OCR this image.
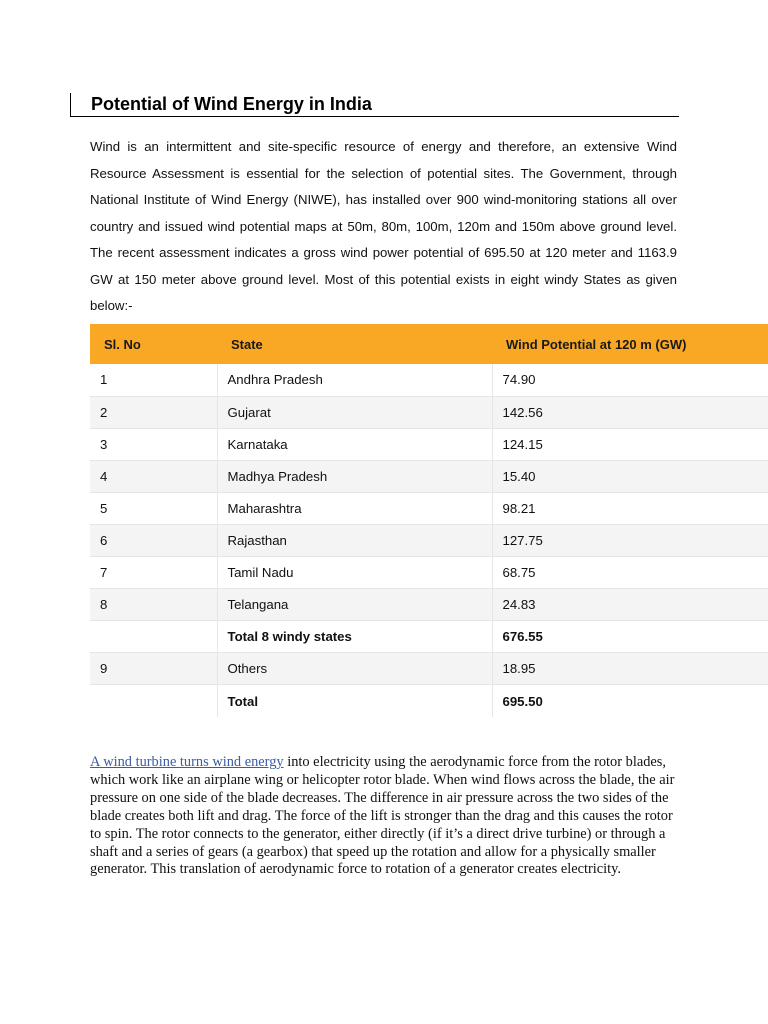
Potential of Wind Energy in India

Wind is an intermittent and site-specific resource of energy and therefore, an extensive Wind Resource Assessment is essential for the selection of potential sites. The Government, through National Institute of Wind Energy (NIWE), has installed over 900 wind-monitoring stations all over country and issued wind potential maps at 50m, 80m, 100m, 120m and 150m above ground level. The recent assessment indicates a gross wind power potential of 695.50 at 120 meter and 1163.9 GW at 150 meter above ground level. Most of this potential exists in eight windy States as given below:-

Sl. No	State	Wind Potential at 120 m (GW)
1	Andhra Pradesh	74.90
2	Gujarat	142.56
3	Karnataka	124.15
4	Madhya Pradesh	15.40
5	Maharashtra	98.21
6	Rajasthan	127.75
7	Tamil Nadu	68.75
8	Telangana	24.83
	Total 8 windy states	676.55
9	Others	18.95
	Total	695.50

A wind turbine turns wind energy into electricity using the aerodynamic force from the rotor blades, which work like an airplane wing or helicopter rotor blade. When wind flows across the blade, the air pressure on one side of the blade decreases. The difference in air pressure across the two sides of the blade creates both lift and drag. The force of the lift is stronger than the drag and this causes the rotor to spin. The rotor connects to the generator, either directly (if it’s a direct drive turbine) or through a shaft and a series of gears (a gearbox) that speed up the rotation and allow for a physically smaller generator. This translation of aerodynamic force to rotation of a generator creates electricity.
